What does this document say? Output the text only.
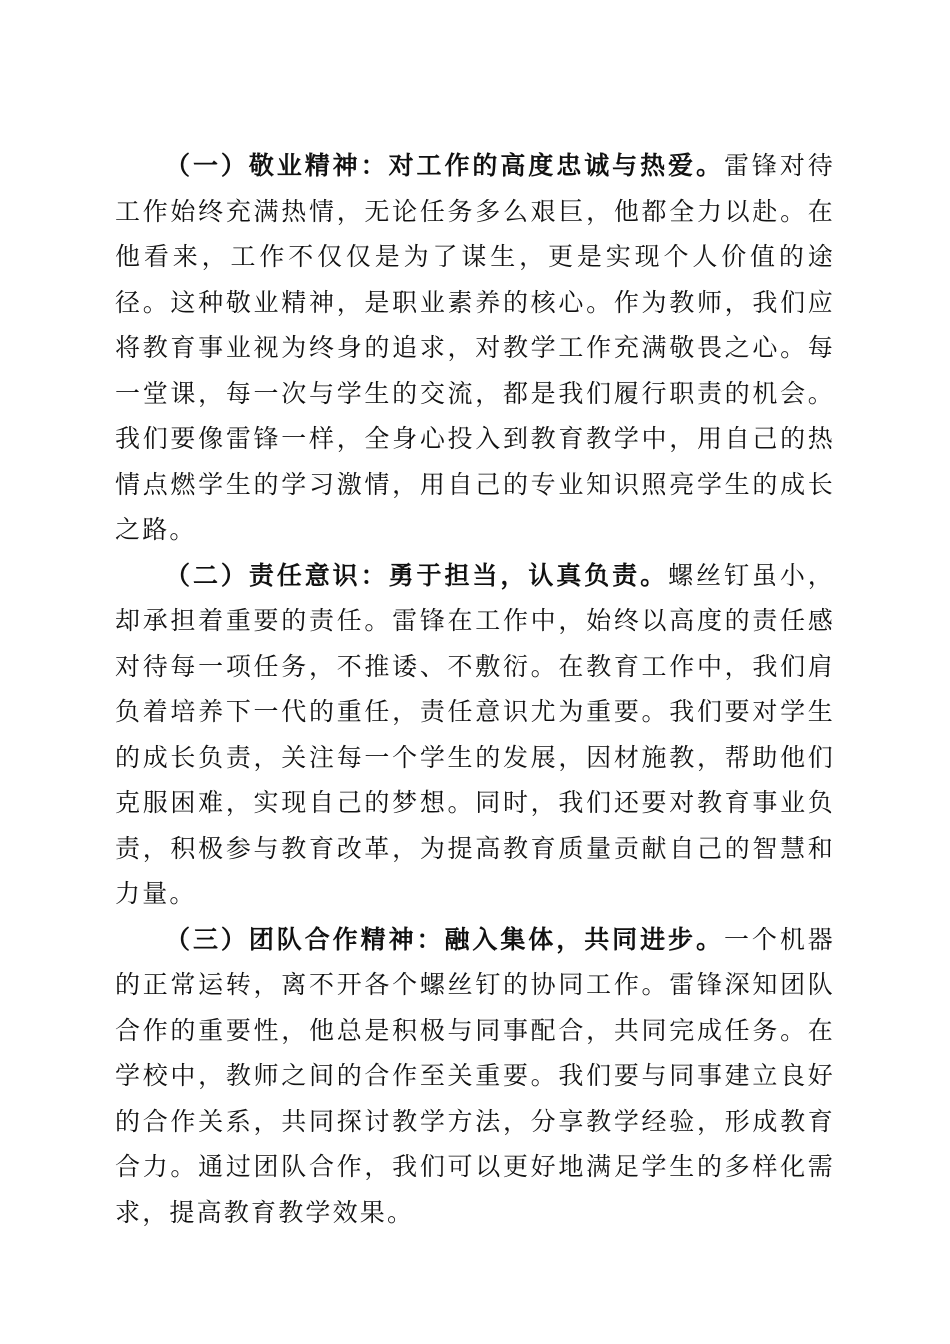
（一）敬业精神：对工作的高度忠诚与热爱。雷锋对待工作始终充满热情，无论任务多么艰巨，他都全力以赴。在他看来，工作不仅仅是为了谋生，更是实现个人价值的途径。这种敬业精神，是职业素养的核心。作为教师，我们应将教育事业视为终身的追求，对教学工作充满敬畏之心。每一堂课，每一次与学生的交流，都是我们履行职责的机会。我们要像雷锋一样，全身心投入到教育教学中，用自己的热情点燃学生的学习激情，用自己的专业知识照亮学生的成长之路。

（二）责任意识：勇于担当，认真负责。螺丝钉虽小，却承担着重要的责任。雷锋在工作中，始终以高度的责任感对待每一项任务，不推诿、不敷衍。在教育工作中，我们肩负着培养下一代的重任，责任意识尤为重要。我们要对学生的成长负责，关注每一个学生的发展，因材施教，帮助他们克服困难，实现自己的梦想。同时，我们还要对教育事业负责，积极参与教育改革，为提高教育质量贡献自己的智慧和力量。

（三）团队合作精神：融入集体，共同进步。一个机器的正常运转，离不开各个螺丝钉的协同工作。雷锋深知团队合作的重要性，他总是积极与同事配合，共同完成任务。在学校中，教师之间的合作至关重要。我们要与同事建立良好的合作关系，共同探讨教学方法，分享教学经验，形成教育合力。通过团队合作，我们可以更好地满足学生的多样化需求，提高教育教学效果。
